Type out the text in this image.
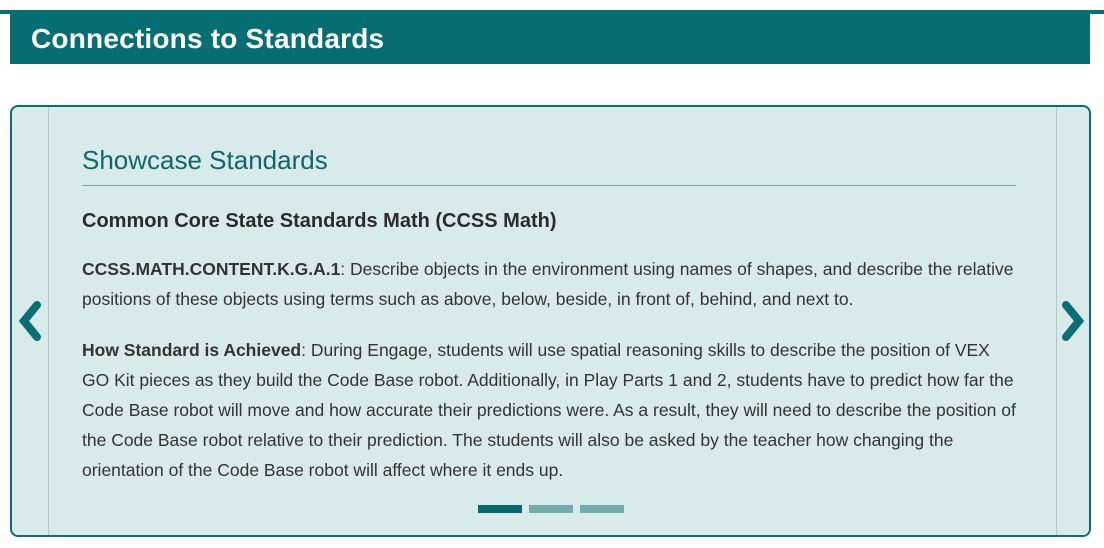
Connections to Standards
Showcase Standards
Common Core State Standards Math (CCSS Math)

CCSS.MATH.CONTENT.K.G.A.1: Describe objects in the environment using names of shapes, and describe the relative positions of these objects using terms such as above, below, beside, in front of, behind, and next to.

How Standard is Achieved: During Engage, students will use spatial reasoning skills to describe the position of VEX GO Kit pieces as they build the Code Base robot. Additionally, in Play Parts 1 and 2, students have to predict how far the Code Base robot will move and how accurate their predictions were. As a result, they will need to describe the position of the Code Base robot relative to their prediction. The students will also be asked by the teacher how changing the orientation of the Code Base robot will affect where it ends up.
